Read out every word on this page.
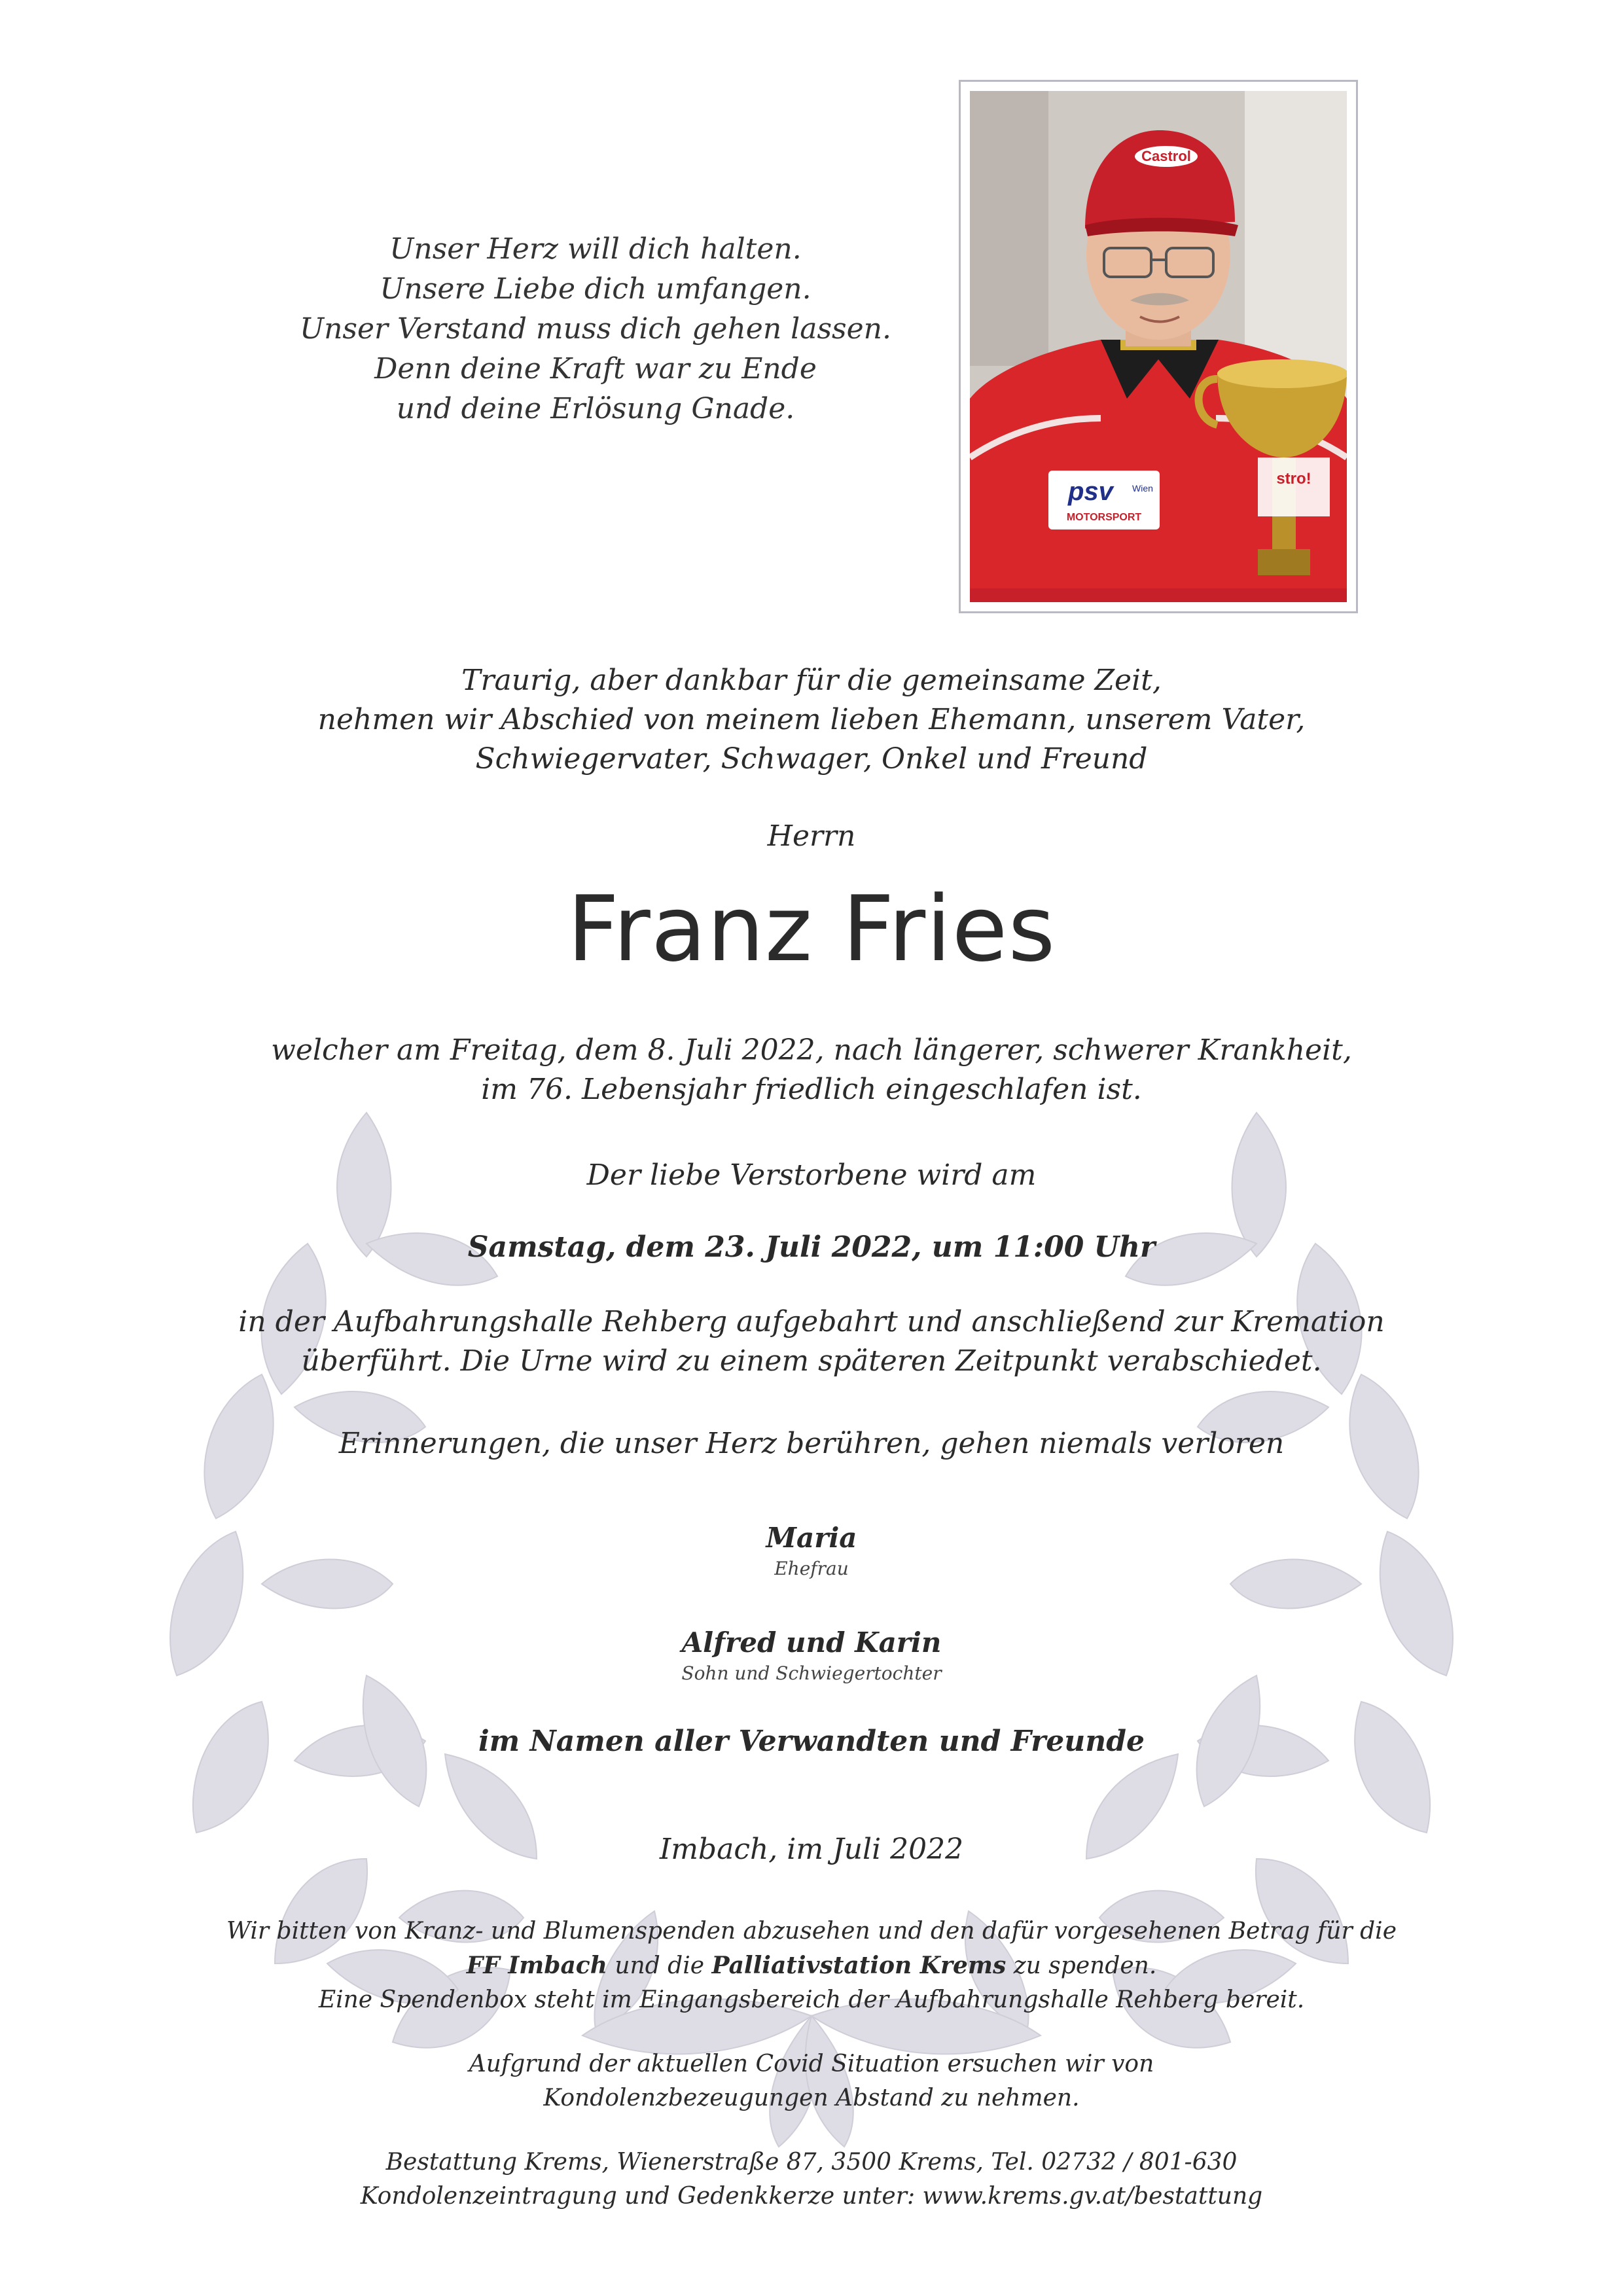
Unser Herz will dich halten.
Unsere Liebe dich umfangen.
Unser Verstand muss dich gehen lassen.
Denn deine Kraft war zu Ende
und deine Erlösung Gnade.
Castrol
psv Wien
MOTORSPORT
stro!
Traurig, aber dankbar für die gemeinsame Zeit,
nehmen wir Abschied von meinem lieben Ehemann, unserem Vater,
Schwiegervater, Schwager, Onkel und Freund
Herrn
Franz Fries
welcher am Freitag, dem 8. Juli 2022, nach längerer, schwerer Krankheit,
im 76. Lebensjahr friedlich eingeschlafen ist.
Der liebe Verstorbene wird am
Samstag, dem 23. Juli 2022, um 11:00 Uhr
in der Aufbahrungshalle Rehberg aufgebahrt und anschließend zur Kremation
überführt. Die Urne wird zu einem späteren Zeitpunkt verabschiedet.
Erinnerungen, die unser Herz berühren, gehen niemals verloren
Maria
Ehefrau
Alfred und Karin
Sohn und Schwiegertochter
im Namen aller Verwandten und Freunde
Imbach, im Juli 2022
Wir bitten von Kranz- und Blumenspenden abzusehen und den dafür vorgesehenen Betrag für die
FF Imbach und die Palliativstation Krems zu spenden.
Eine Spendenbox steht im Eingangsbereich der Aufbahrungshalle Rehberg bereit.
Aufgrund der aktuellen Covid Situation ersuchen wir von
Kondolenzbezeugungen Abstand zu nehmen.
Bestattung Krems, Wienerstraße 87, 3500 Krems, Tel. 02732 / 801-630
Kondolenzeintragung und Gedenkkerze unter: www.krems.gv.at/bestattung
